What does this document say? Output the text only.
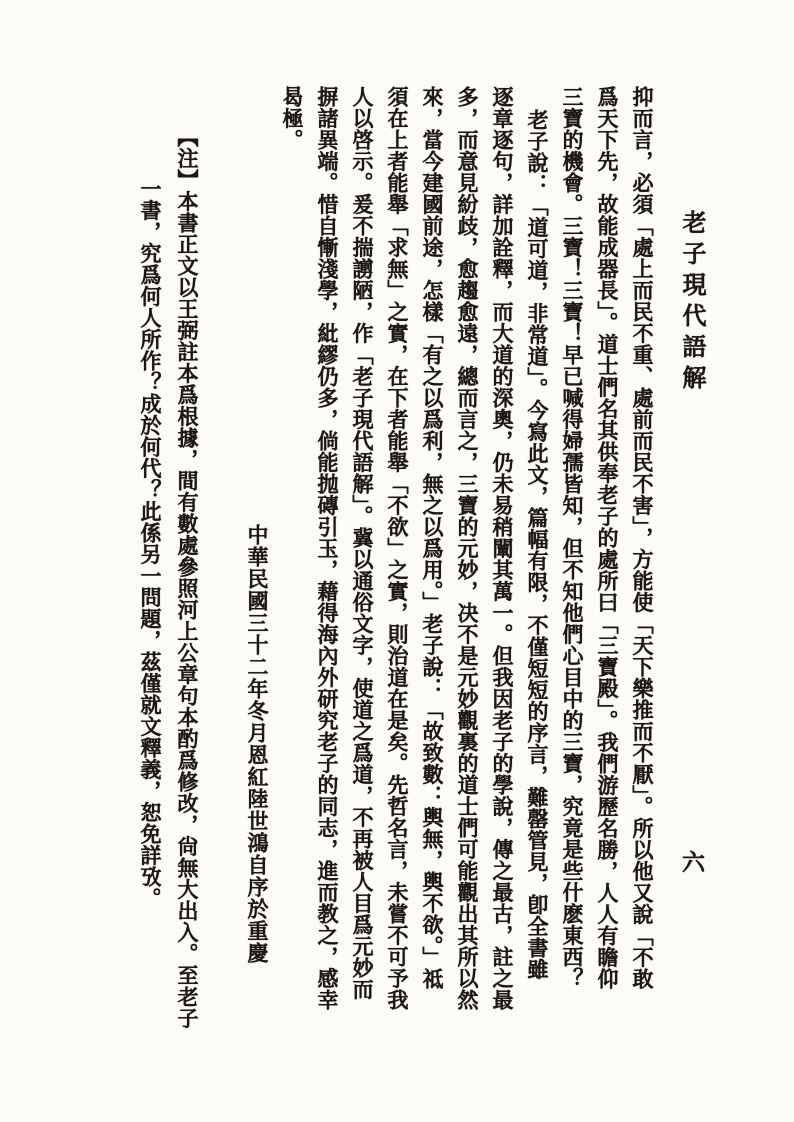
老子現代語解
六
抑而言，必須「處上而民不重、處前而民不害」，方能使「天下樂推而不厭」。所以他又說「不敢
爲天下先，故能成器長」。道士們名其供奉老子的處所曰「三寶殿」。我們游歷名勝，人人有瞻仰
三寶的機會。三寶！三寶！早已喊得婦孺皆知，但不知他們心目中的三寶，究竟是些什麽東西？
老子說：「道可道，非常道」。今寫此文，篇幅有限，不僅短短的序言，難罄管見，卽全書雖
逐章逐句，詳加詮釋，而大道的深奧，仍未易稍闡其萬一。但我因老子的學說，傳之最古，註之最
多，而意見紛歧，愈趨愈遠，總而言之，三寶的元妙，决不是元妙觀裏的道士們可能觀出其所以然
來，當今建國前途，怎樣「有之以爲利，無之以爲用。」老子說：「故致數：輿無，輿不欲。」祗
須在上者能舉「求無」之實，在下者能舉「不欲」之實，則治道在是矣。先哲名言，未嘗不可予我
人以啓示。爰不揣謭陋，作「老子現代語解」。冀以通俗文字，使道之爲道，不再被人目爲元妙而
摒諸異端。惜自慚淺學，紕繆仍多，倘能抛磚引玉，藉得海內外研究老子的同志，進而教之，感幸
曷極。
中華民國三十二年冬月恩紅陸世鴻自序於重慶
【注】本書正文以王弼註本爲根據，間有數處參照河上公章句本酌爲修改，尙無大出入。至老子
一書，究爲何人所作？成於何代？此係另一問題，茲僅就文釋義，恕免詳攷。
